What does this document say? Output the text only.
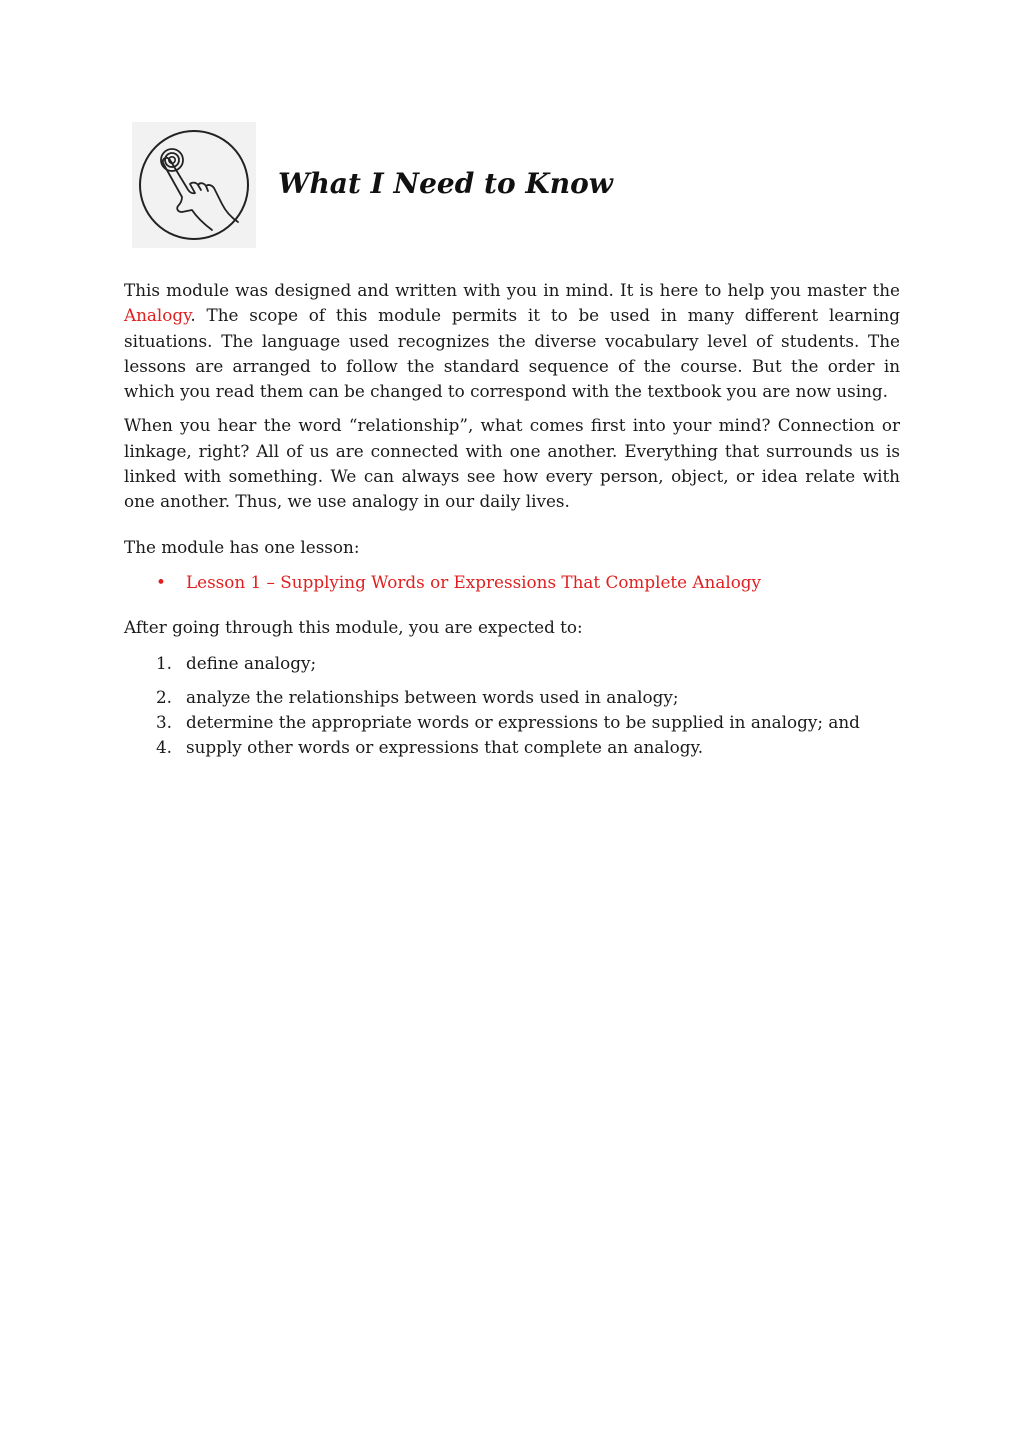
What I Need to Know

This module was designed and written with you in mind. It is here to help you master the Analogy. The scope of this module permits it to be used in many different learning situations. The language used recognizes the diverse vocabulary level of students. The lessons are arranged to follow the standard sequence of the course. But the order in which you read them can be changed to correspond with the textbook you are now using.

When you hear the word “relationship”, what comes first into your mind? Connection or linkage, right? All of us are connected with one another. Everything that surrounds us is linked with something. We can always see how every person, object, or idea relate with one another. Thus, we use analogy in our daily lives.

The module has one lesson:

• Lesson 1 – Supplying Words or Expressions That Complete Analogy

After going through this module, you are expected to:

1. define analogy;
2. analyze the relationships between words used in analogy;
3. determine the appropriate words or expressions to be supplied in analogy; and
4. supply other words or expressions that complete an analogy.
